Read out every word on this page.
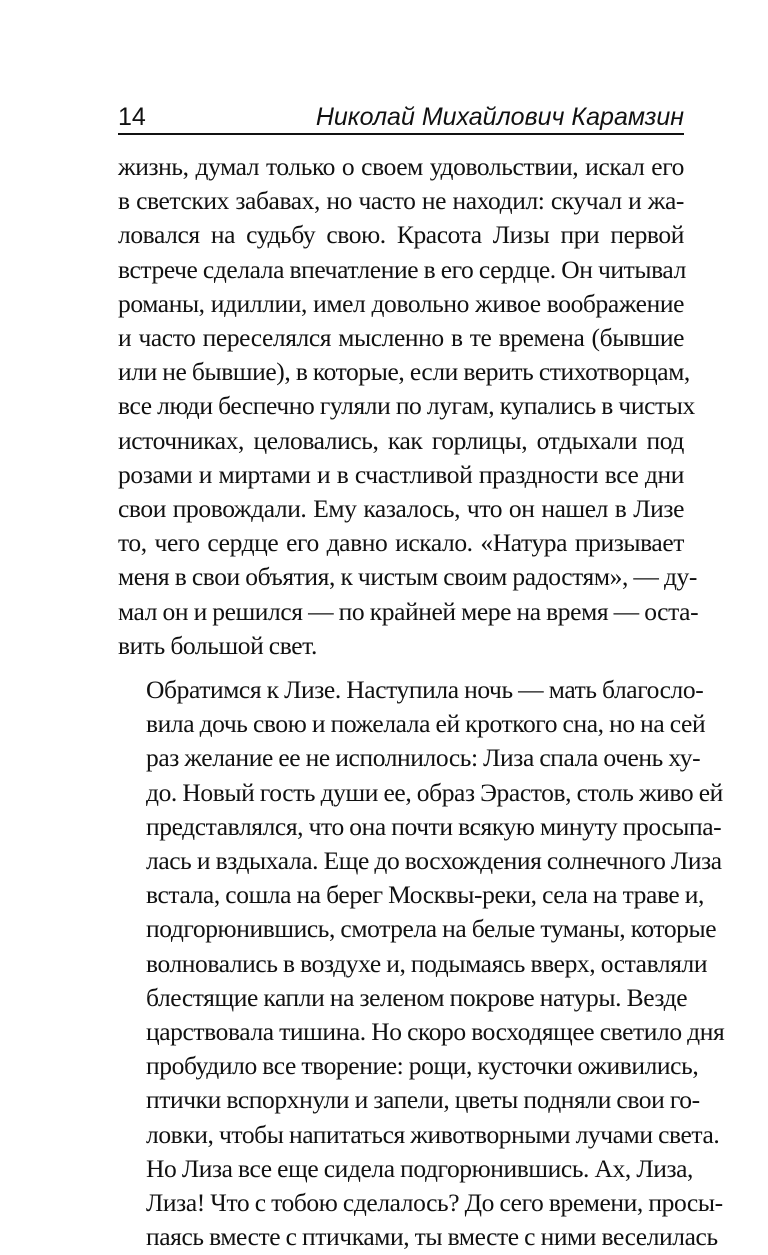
14	Николай Михайлович Карамзин

жизнь, думал только о своем удовольствии, искал его
в светских забавах, но часто не находил: скучал и жа-
ловался на судьбу свою. Красота Лизы при первой
встрече сделала впечатление в его сердце. Он читывал
романы, идиллии, имел довольно живое воображение
и часто переселялся мысленно в те времена (бывшие
или не бывшие), в которые, если верить стихотворцам,
все люди беспечно гуляли по лугам, купались в чистых
источниках, целовались, как горлицы, отдыхали под
розами и миртами и в счастливой праздности все дни
свои провождали. Ему казалось, что он нашел в Лизе
то, чего сердце его давно искало. «Натура призывает
меня в свои объятия, к чистым своим радостям», — ду-
мал он и решился — по крайней мере на время — оста-
вить большой свет.

Обратимся к Лизе. Наступила ночь — мать благосло-
вила дочь свою и пожелала ей кроткого сна, но на сей
раз желание ее не исполнилось: Лиза спала очень ху-
до. Новый гость души ее, образ Эрастов, столь живо ей
представлялся, что она почти всякую минуту просыпа-
лась и вздыхала. Еще до восхождения солнечного Лиза
встала, сошла на берег Москвы-реки, села на траве и,
подгорюнившись, смотрела на белые туманы, которые
волновались в воздухе и, подымаясь вверх, оставляли
блестящие капли на зеленом покрове натуры. Везде
царствовала тишина. Но скоро восходящее светило дня
пробудило все творение: рощи, кусточки оживились,
птички вспорхнули и запели, цветы подняли свои го-
ловки, чтобы напитаться животворными лучами света.
Но Лиза все еще сидела подгорюнившись. Ах, Лиза,
Лиза! Что с тобою сделалось? До сего времени, просы-
паясь вместе с птичками, ты вместе с ними веселилась
